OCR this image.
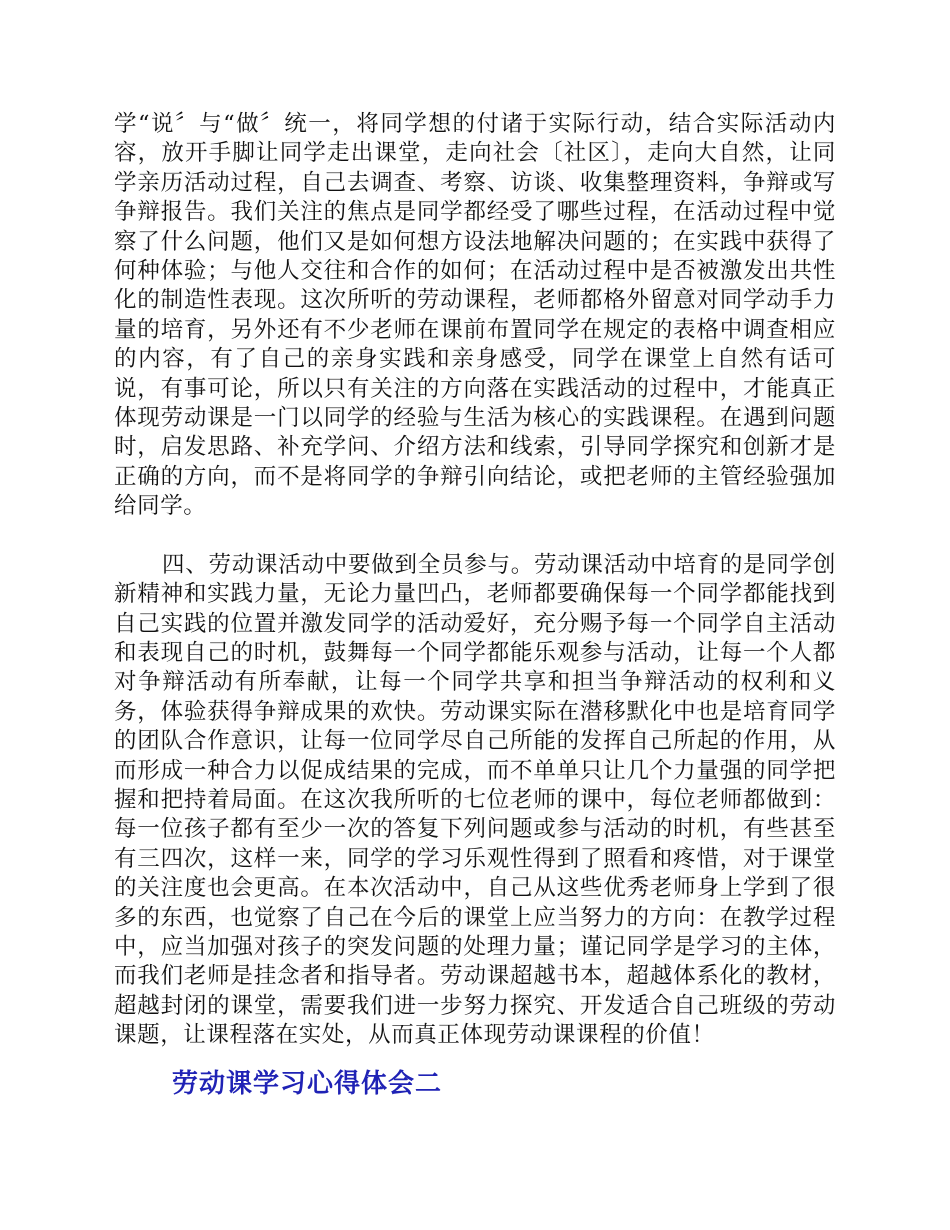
学“说〞与“做〞统一，将同学想的付诸于实际行动，结合实际活动内容，放开手脚让同学走出课堂，走向社会〔社区〕，走向大自然，让同学亲历活动过程，自己去调查、考察、访谈、收集整理资料，争辩或写争辩报告。我们关注的焦点是同学都经受了哪些过程，在活动过程中觉察了什么问题，他们又是如何想方设法地解决问题的；在实践中获得了何种体验；与他人交往和合作的如何；在活动过程中是否被激发出共性化的制造性表现。这次所听的劳动课程，老师都格外留意对同学动手力量的培育，另外还有不少老师在课前布置同学在规定的表格中调查相应的内容，有了自己的亲身实践和亲身感受，同学在课堂上自然有话可说，有事可论，所以只有关注的方向落在实践活动的过程中，才能真正体现劳动课是一门以同学的经验与生活为核心的实践课程。在遇到问题时，启发思路、补充学问、介绍方法和线索，引导同学探究和创新才是正确的方向，而不是将同学的争辩引向结论，或把老师的主管经验强加给同学。

四、劳动课活动中要做到全员参与。劳动课活动中培育的是同学创新精神和实践力量，无论力量凹凸，老师都要确保每一个同学都能找到自己实践的位置并激发同学的活动爱好，充分赐予每一个同学自主活动和表现自己的时机，鼓舞每一个同学都能乐观参与活动，让每一个人都对争辩活动有所奉献，让每一个同学共享和担当争辩活动的权利和义务，体验获得争辩成果的欢快。劳动课实际在潜移默化中也是培育同学的团队合作意识，让每一位同学尽自己所能的发挥自己所起的作用，从而形成一种合力以促成结果的完成，而不单单只让几个力量强的同学把握和把持着局面。在这次我所听的七位老师的课中，每位老师都做到：每一位孩子都有至少一次的答复下列问题或参与活动的时机，有些甚至有三四次，这样一来，同学的学习乐观性得到了照看和疼惜，对于课堂的关注度也会更高。在本次活动中，自己从这些优秀老师身上学到了很多的东西，也觉察了自己在今后的课堂上应当努力的方向：在教学过程中，应当加强对孩子的突发问题的处理力量；谨记同学是学习的主体，而我们老师是挂念者和指导者。劳动课超越书本，超越体系化的教材，超越封闭的课堂，需要我们进一步努力探究、开发适合自己班级的劳动课题，让课程落在实处，从而真正体现劳动课课程的价值！

劳动课学习心得体会二
